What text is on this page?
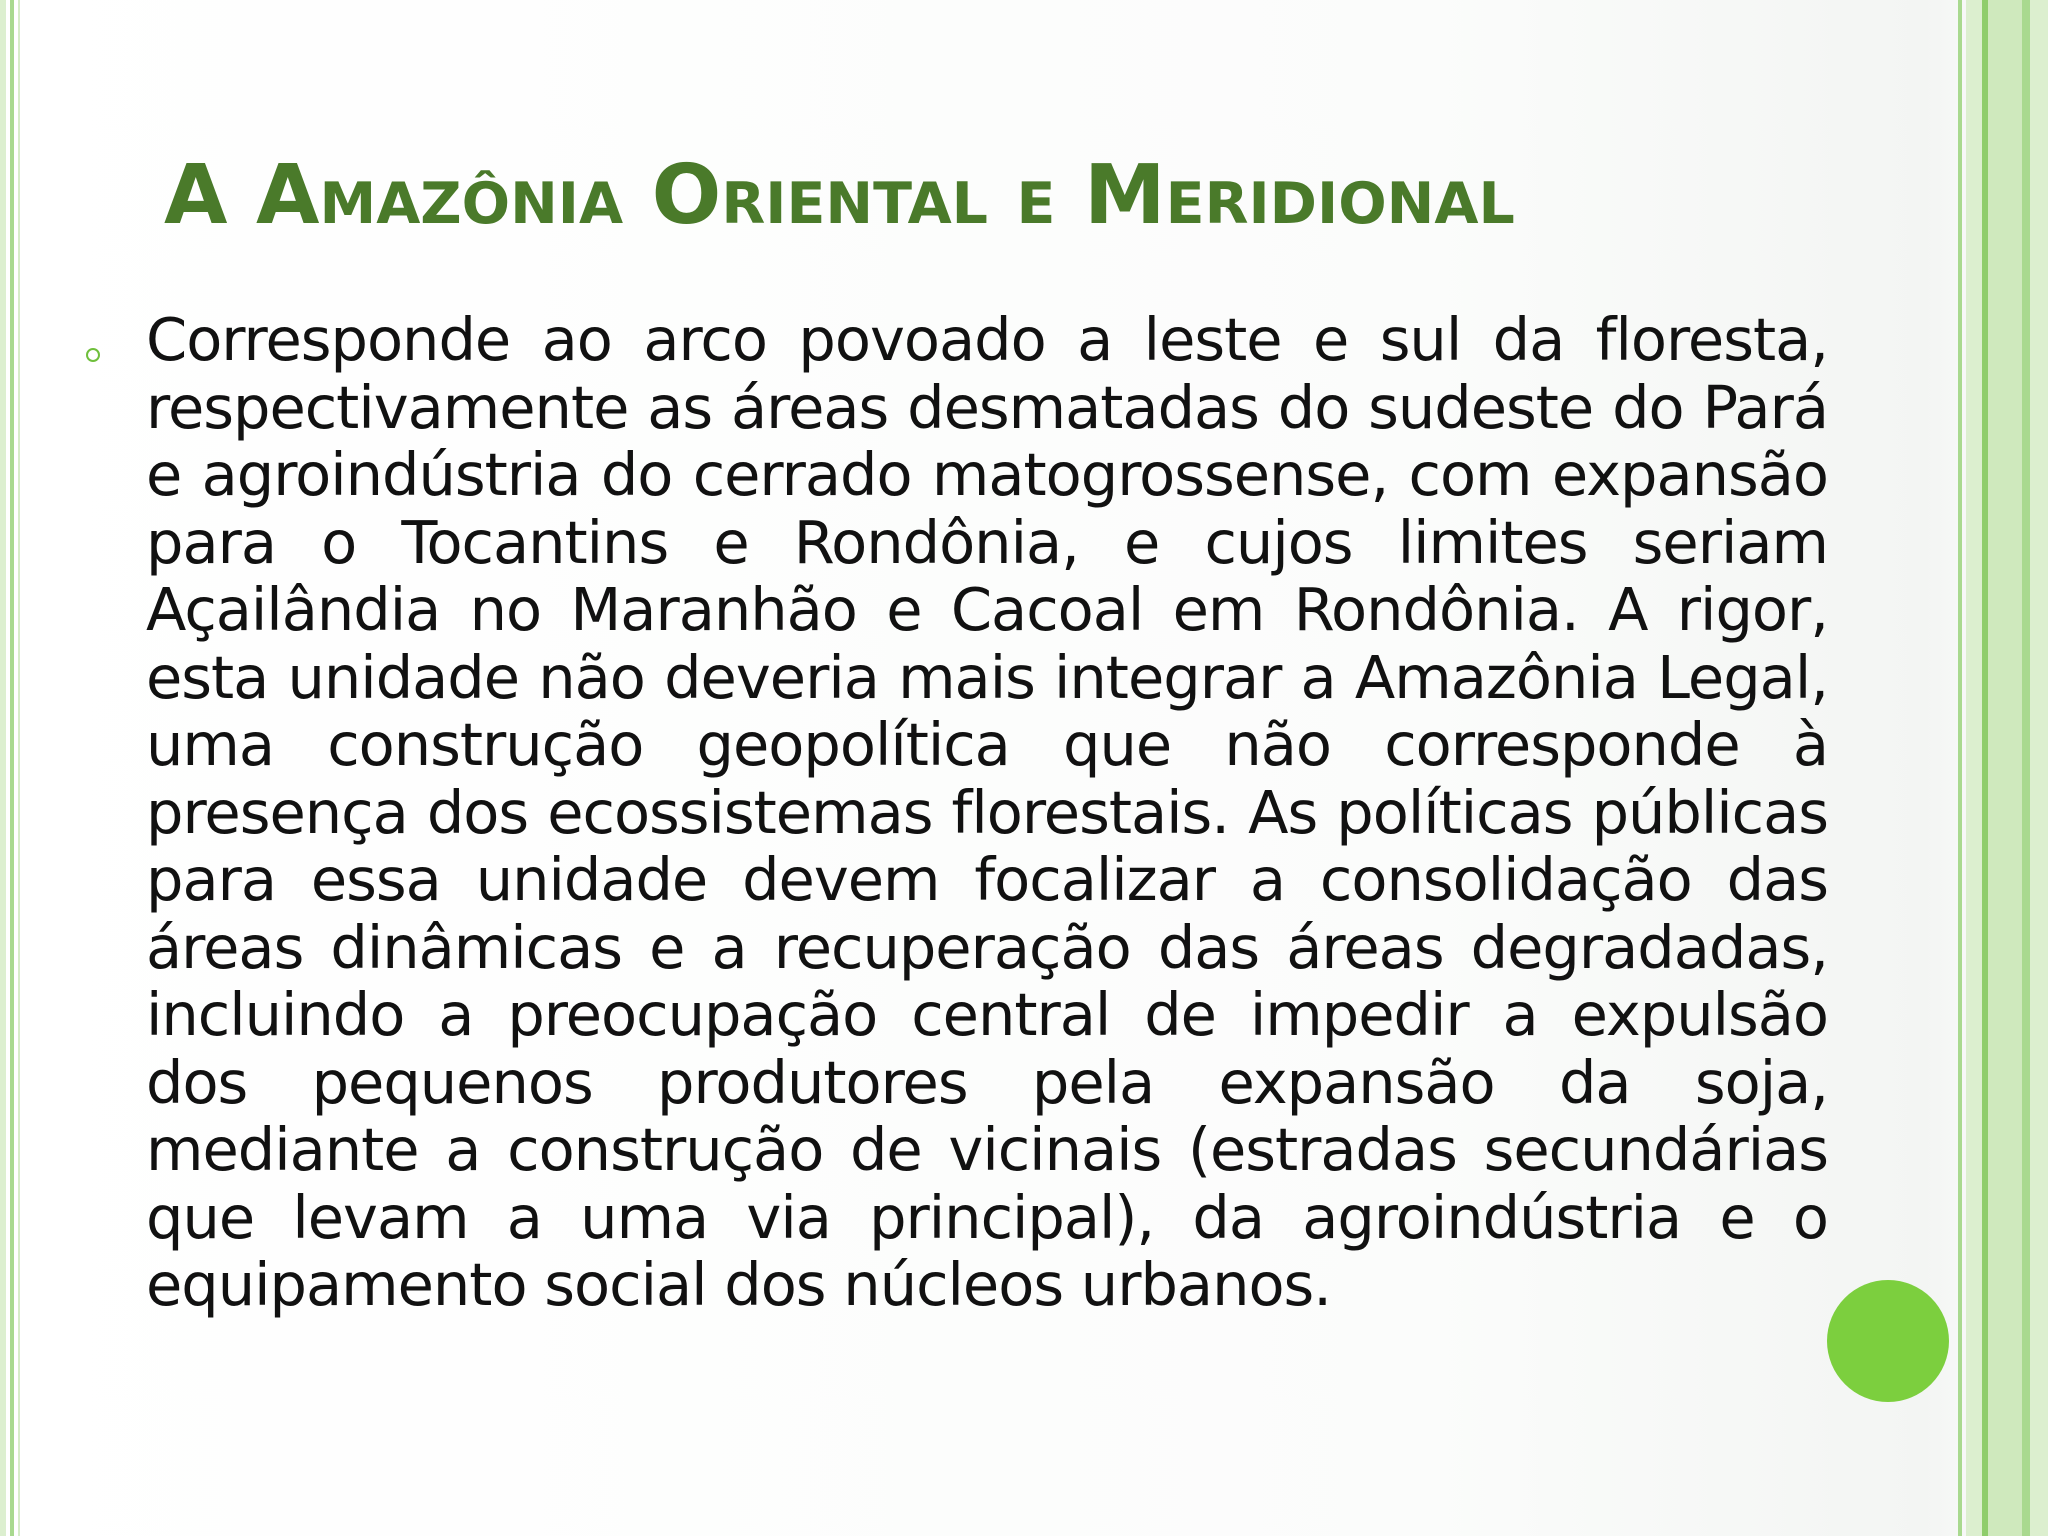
A Amazônia Oriental e Meridional

Corresponde ao arco povoado a leste e sul da floresta, respectivamente as áreas desmatadas do sudeste do Pará e agroindústria do cerrado matogrossense, com expansão para o Tocantins e Rondônia, e cujos limites seriam Açailândia no Maranhão e Cacoal em Rondônia. A rigor, esta unidade não deveria mais integrar a Amazônia Legal, uma construção geopolítica que não corresponde à presença dos ecossistemas florestais. As políticas públicas para essa unidade devem focalizar a consolidação das áreas dinâmicas e a recuperação das áreas degradadas, incluindo a preocupação central de impedir a expulsão dos pequenos produtores pela expansão da soja, mediante a construção de vicinais (estradas secundárias que levam a uma via principal), da agroindústria e o equipamento social dos núcleos urbanos.
